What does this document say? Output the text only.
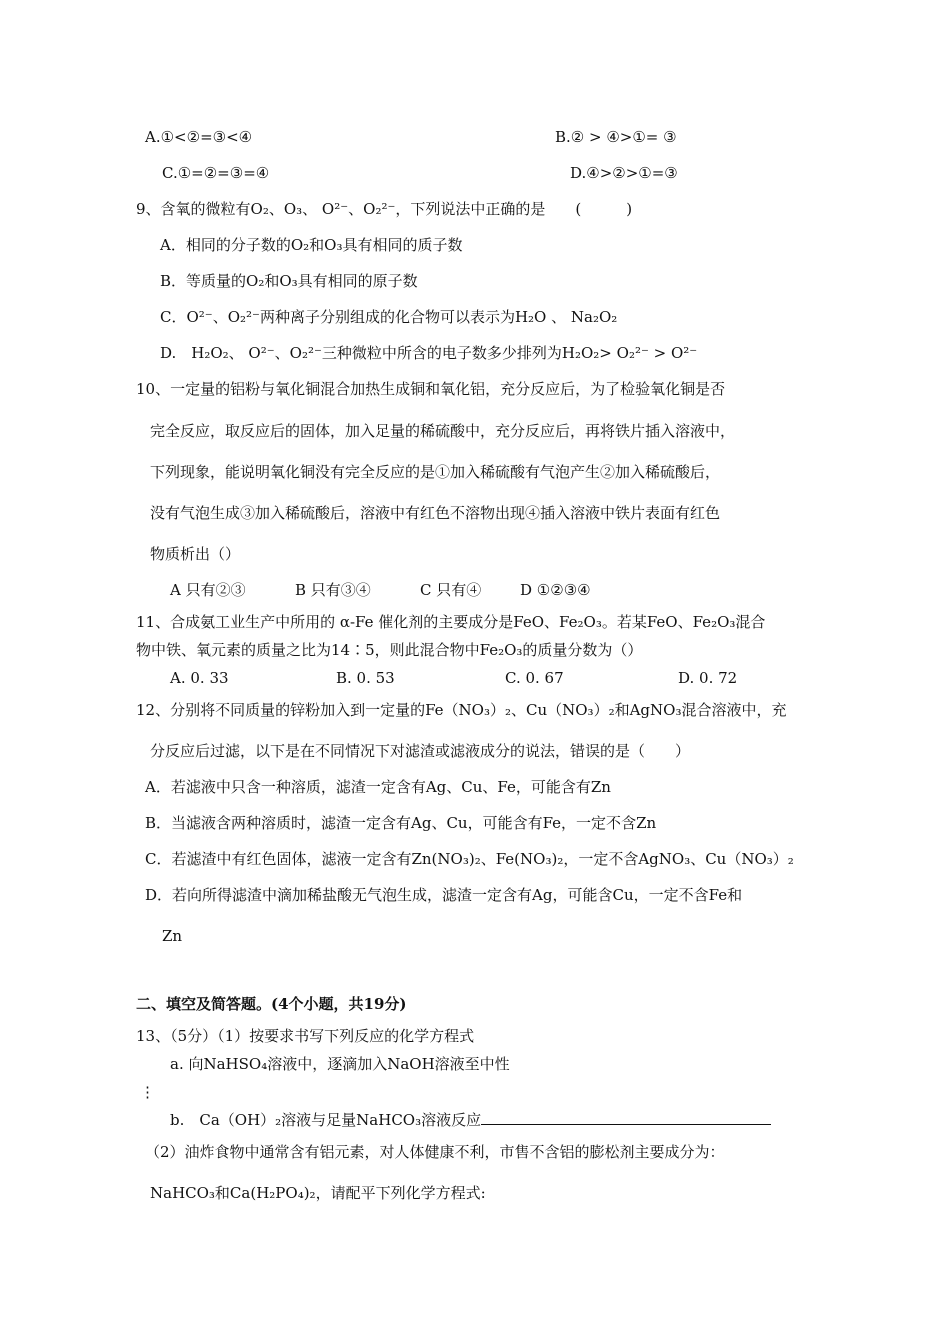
A.①<②=③<④	B.② > ④>①= ③
C.①=②=③=④	D.④>②>①=③
9、含氧的微粒有O₂、O₃、 O²⁻、O₂²⁻，下列说法中正确的是　　(　　　)
A．相同的分子数的O₂和O₃具有相同的质子数
B．等质量的O₂和O₃具有相同的原子数
C．O²⁻、O₂²⁻两种离子分别组成的化合物可以表示为H₂O 、 Na₂O₂
D.　H₂O₂、 O²⁻、O₂²⁻三种微粒中所含的电子数多少排列为H₂O₂> O₂²⁻ > O²⁻
10、一定量的铝粉与氧化铜混合加热生成铜和氧化铝，充分反应后，为了检验氧化铜是否
完全反应，取反应后的固体，加入足量的稀硫酸中，充分反应后，再将铁片插入溶液中，
下列现象，能说明氧化铜没有完全反应的是①加入稀硫酸有气泡产生②加入稀硫酸后，
没有气泡生成③加入稀硫酸后，溶液中有红色不溶物出现④插入溶液中铁片表面有红色
物质析出（）
A 只有②③	B 只有③④	C 只有④	D ①②③④
11、合成氨工业生产中所用的 α-Fe 催化剂的主要成分是FeO、Fe₂O₃。若某FeO、Fe₂O₃混合
物中铁、氧元素的质量之比为14∶5，则此混合物中Fe₂O₃的质量分数为（）
A. 0. 33	B. 0. 53	C. 0. 67	D. 0. 72
12、分别将不同质量的锌粉加入到一定量的Fe（NO₃）₂、Cu（NO₃）₂和AgNO₃混合溶液中，充
分反应后过滤，以下是在不同情况下对滤渣或滤液成分的说法，错误的是（　　）
A．若滤液中只含一种溶质，滤渣一定含有Ag、Cu、Fe，可能含有Zn
B．当滤液含两种溶质时，滤渣一定含有Ag、Cu，可能含有Fe，一定不含Zn
C．若滤渣中有红色固体，滤液一定含有Zn(NO₃)₂、Fe(NO₃)₂，一定不含AgNO₃、Cu（NO₃）₂
D．若向所得滤渣中滴加稀盐酸无气泡生成，滤渣一定含有Ag，可能含Cu，一定不含Fe和
Zn
二、填空及简答题。(4个小题，共19分)
13、（5分）（1）按要求书写下列反应的化学方程式
a. 向NaHSO₄溶液中，逐滴加入NaOH溶液至中性
⋮
b.　Ca（OH）₂溶液与足量NaHCO₃溶液反应
（2）油炸食物中通常含有铝元素，对人体健康不利，市售不含铝的膨松剂主要成分为：
NaHCO₃和Ca(H₂PO₄)₂，请配平下列化学方程式:
